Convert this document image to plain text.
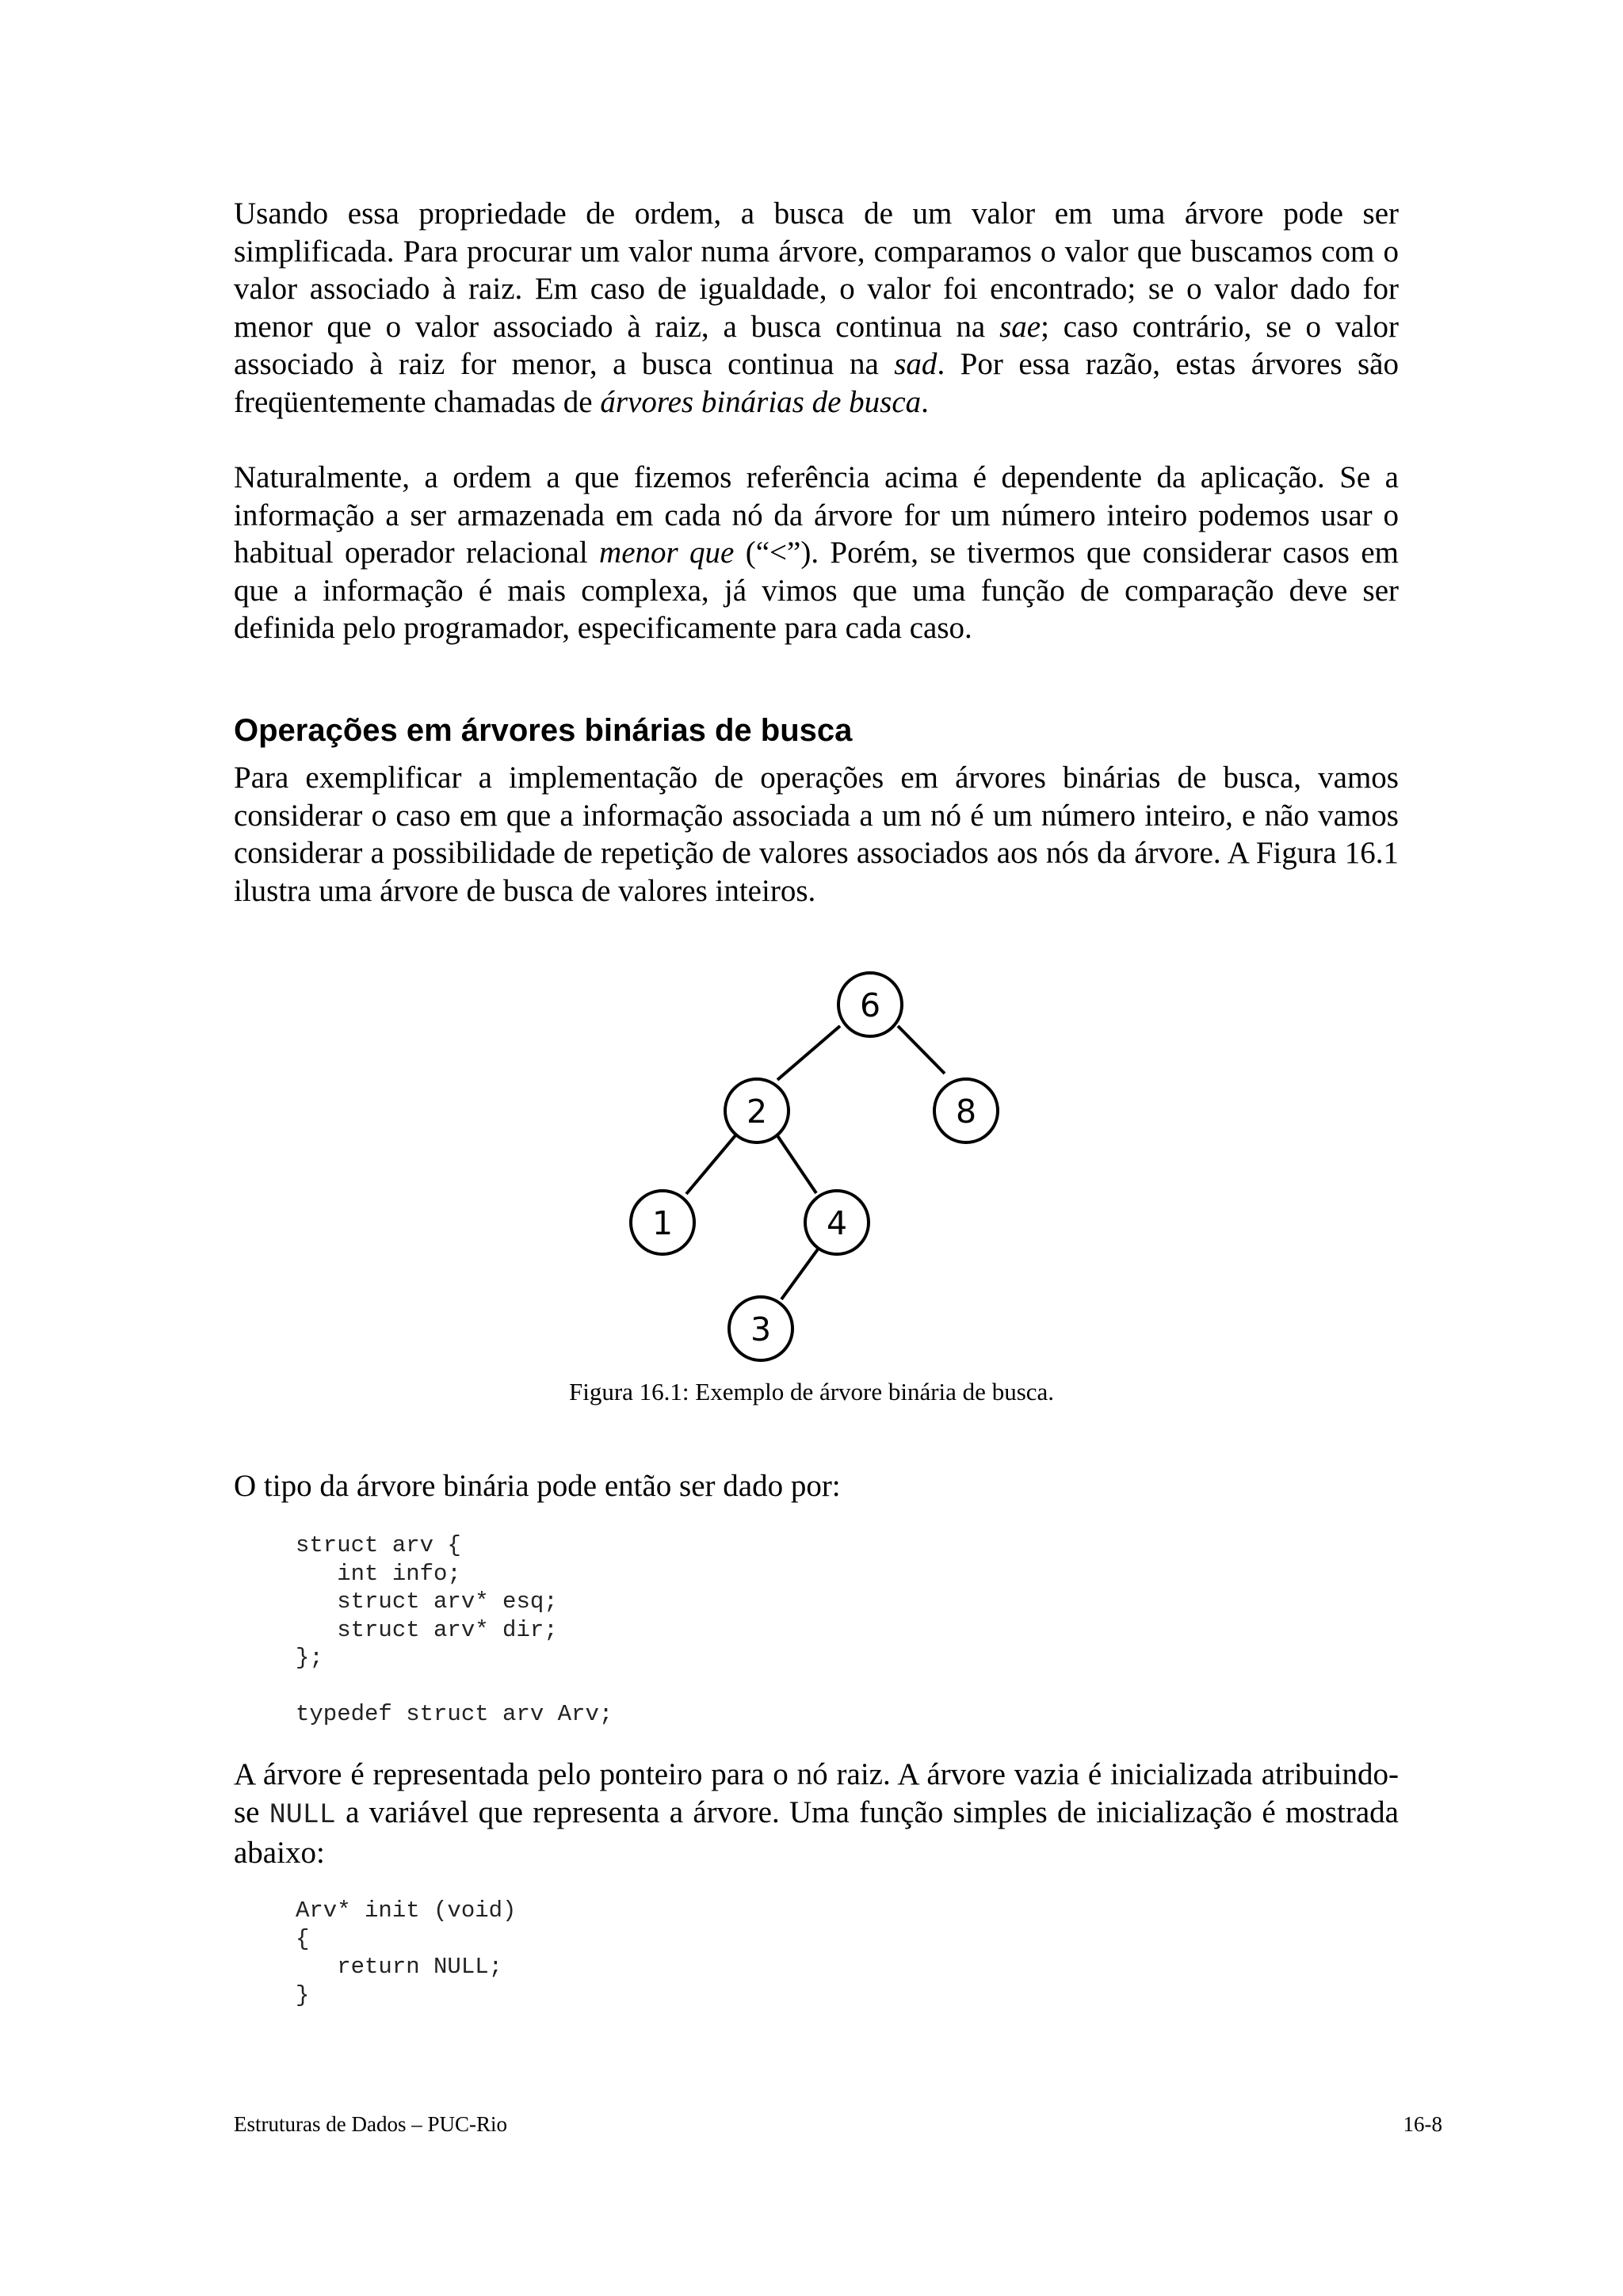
Usando essa propriedade de ordem, a busca de um valor em uma árvore pode ser simplificada. Para procurar um valor numa árvore, comparamos o valor que buscamos com o valor associado à raiz. Em caso de igualdade, o valor foi encontrado; se o valor dado for menor que o valor associado à raiz, a busca continua na sae; caso contrário, se o valor associado à raiz for menor, a busca continua na sad. Por essa razão, estas árvores são freqüentemente chamadas de árvores binárias de busca.

Naturalmente, a ordem a que fizemos referência acima é dependente da aplicação. Se a informação a ser armazenada em cada nó da árvore for um número inteiro podemos usar o habitual operador relacional menor que (“<”). Porém, se tivermos que considerar casos em que a informação é mais complexa, já vimos que uma função de comparação deve ser definida pelo programador, especificamente para cada caso.

Operações em árvores binárias de busca

Para exemplificar a implementação de operações em árvores binárias de busca, vamos considerar o caso em que a informação associada a um nó é um número inteiro, e não vamos considerar a possibilidade de repetição de valores associados aos nós da árvore. A Figura 16.1 ilustra uma árvore de busca de valores inteiros.

6
2	8
1	4
3
Figura 16.1: Exemplo de árvore binária de busca.

O tipo da árvore binária pode então ser dado por:

struct arv {
int info;
struct arv* esq;
struct arv* dir;
};

typedef struct arv Arv;

A árvore é representada pelo ponteiro para o nó raiz. A árvore vazia é inicializada atribuindo-se NULL a variável que representa a árvore. Uma função simples de inicialização é mostrada abaixo:

Arv* init (void)
{
return NULL;
}
Estruturas de Dados – PUC-Rio	16-8
